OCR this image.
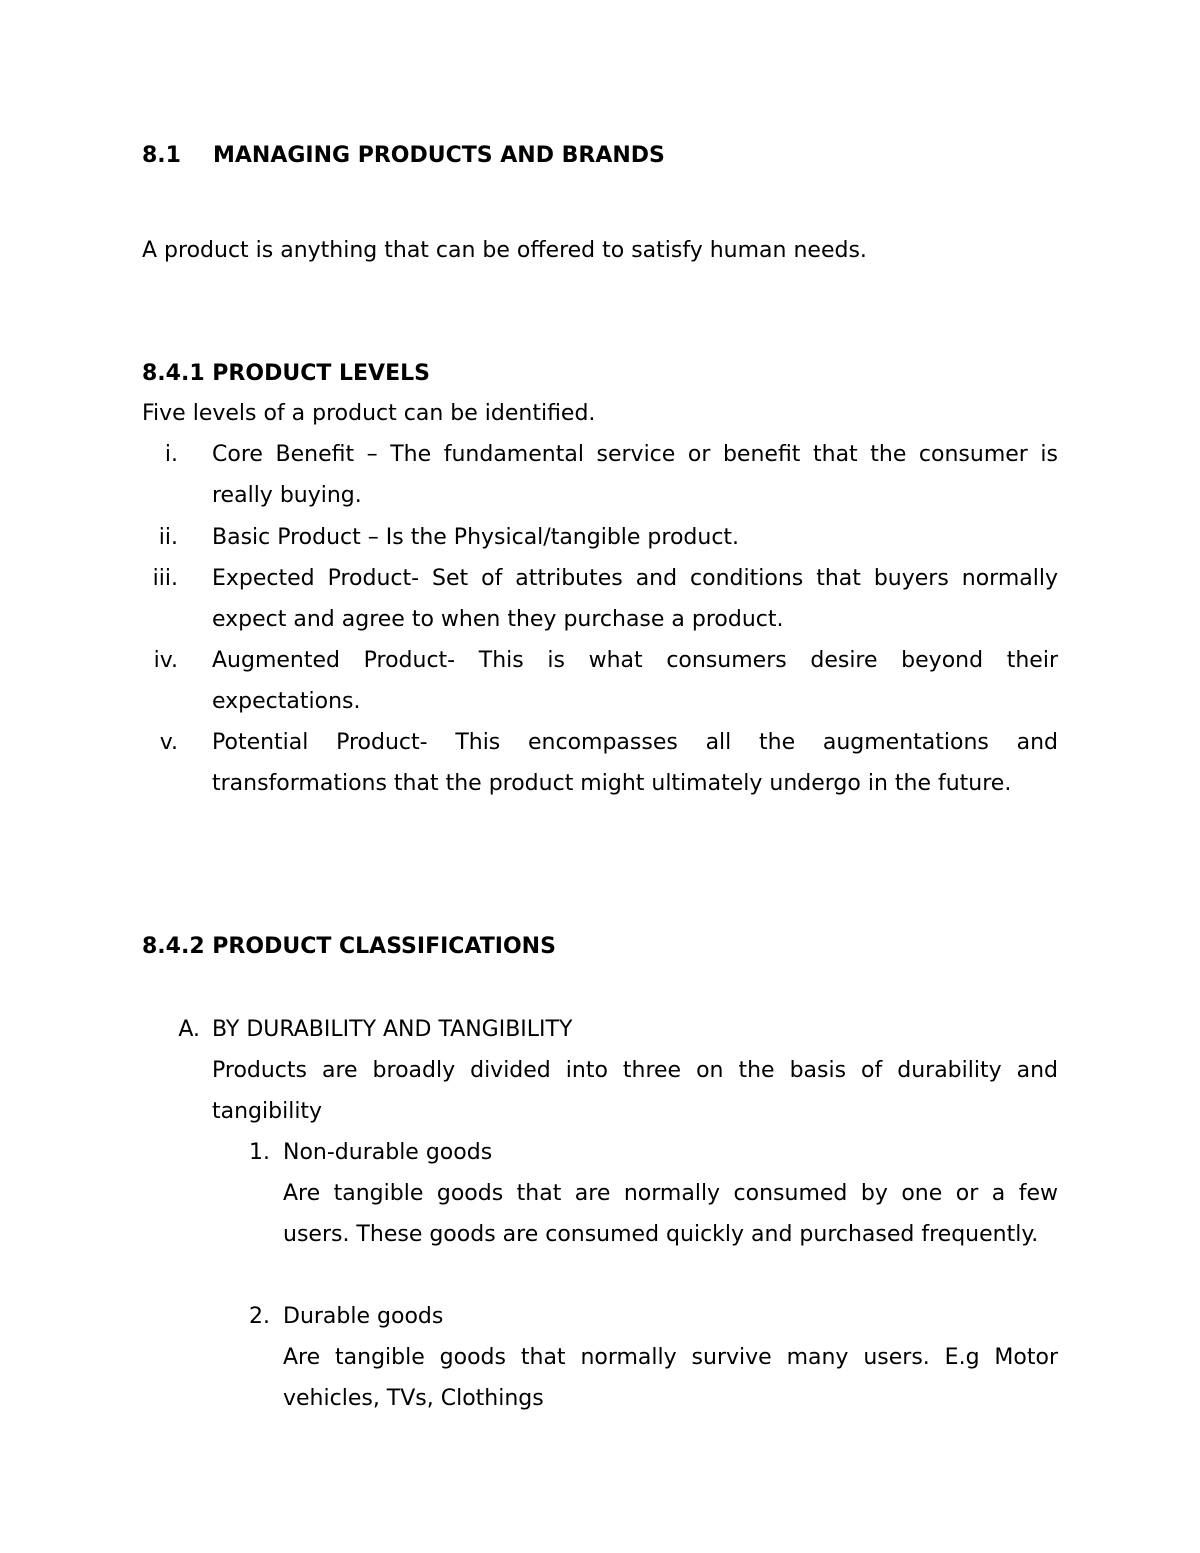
8.1 MANAGING PRODUCTS AND BRANDS
A product is anything that can be offered to satisfy human needs.
8.4.1 PRODUCT LEVELS
Five levels of a product can be identified.
i. Core Benefit – The fundamental service or benefit that the consumer is really buying.
ii. Basic Product – Is the Physical/tangible product.
iii. Expected Product- Set of attributes and conditions that buyers normally expect and agree to when they purchase a product.
iv. Augmented Product- This is what consumers desire beyond their expectations.
v. Potential Product- This encompasses all the augmentations and transformations that the product might ultimately undergo in the future.
8.4.2 PRODUCT CLASSIFICATIONS
A. BY DURABILITY AND TANGIBILITY
Products are broadly divided into three on the basis of durability and tangibility
1. Non-durable goods
Are tangible goods that are normally consumed by one or a few users. These goods are consumed quickly and purchased frequently.
2. Durable goods
Are tangible goods that normally survive many users. E.g Motor vehicles, TVs, Clothings
